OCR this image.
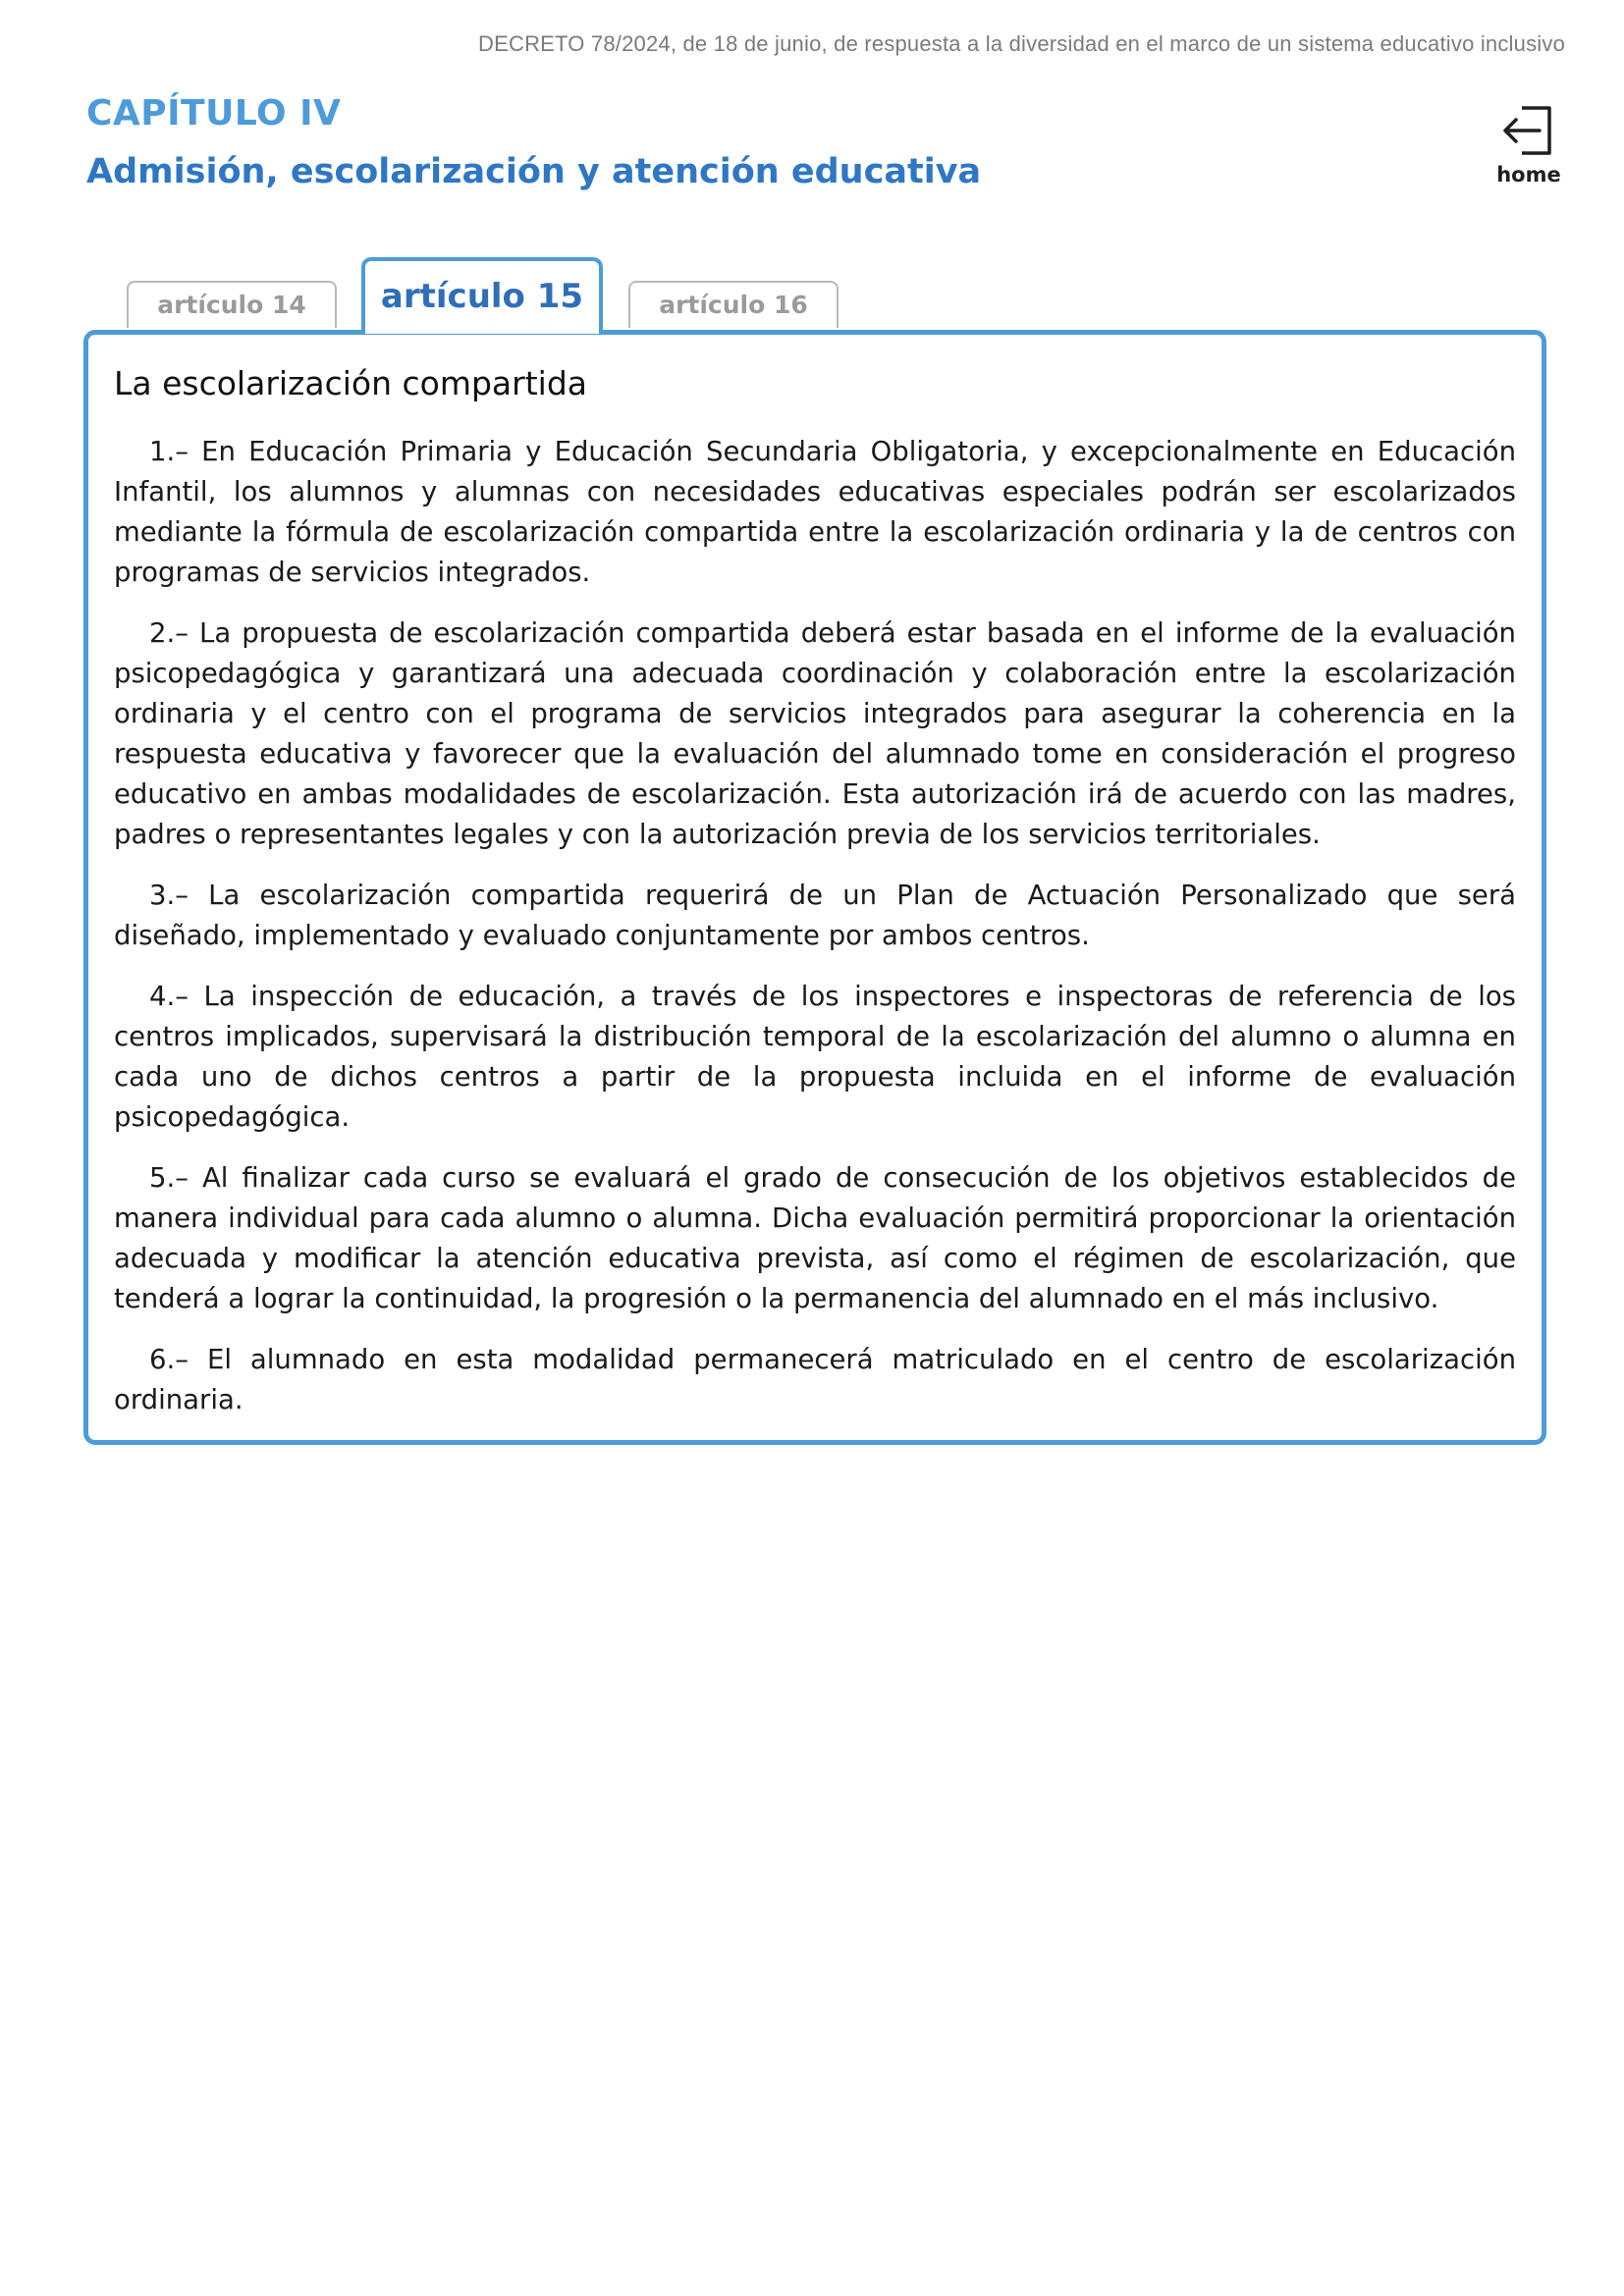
DECRETO 78/2024, de 18 de junio, de respuesta a la diversidad en el marco de un sistema educativo inclusivo
CAPÍTULO IV
Admisión, escolarización y atención educativa	home
artículo 14	artículo 15	artículo 16
La escolarización compartida

1.– En Educación Primaria y Educación Secundaria Obligatoria, y excepcionalmente en Educación Infantil, los alumnos y alumnas con necesidades educativas especiales podrán ser escolarizados mediante la fórmula de escolarización compartida entre la escolarización ordinaria y la de centros con programas de servicios integrados.

2.– La propuesta de escolarización compartida deberá estar basada en el informe de la evaluación psicopedagógica y garantizará una adecuada coordinación y colaboración entre la escolarización ordinaria y el centro con el programa de servicios integrados para asegurar la coherencia en la respuesta educativa y favorecer que la evaluación del alumnado tome en consideración el progreso educativo en ambas modalidades de escolarización. Esta autorización irá de acuerdo con las madres, padres o representantes legales y con la autorización previa de los servicios territoriales.

3.– La escolarización compartida requerirá de un Plan de Actuación Personalizado que será diseñado, implementado y evaluado conjuntamente por ambos centros.

4.– La inspección de educación, a través de los inspectores e inspectoras de referencia de los centros implicados, supervisará la distribución temporal de la escolarización del alumno o alumna en cada uno de dichos centros a partir de la propuesta incluida en el informe de evaluación psicopedagógica.

5.– Al finalizar cada curso se evaluará el grado de consecución de los objetivos establecidos de manera individual para cada alumno o alumna. Dicha evaluación permitirá proporcionar la orientación adecuada y modificar la atención educativa prevista, así como el régimen de escolarización, que tenderá a lograr la continuidad, la progresión o la permanencia del alumnado en el más inclusivo.

6.– El alumnado en esta modalidad permanecerá matriculado en el centro de escolarización ordinaria.
